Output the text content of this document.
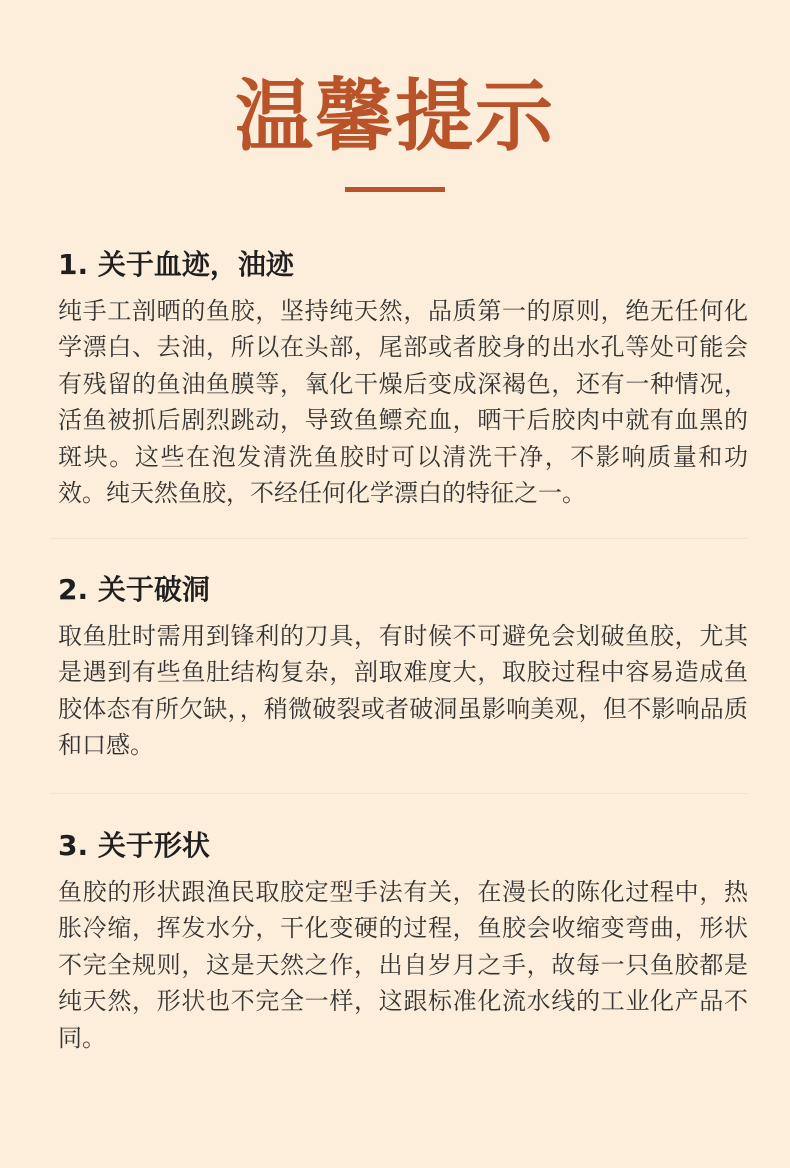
温馨提示
1. 关于血迹，油迹

纯手工剖晒的鱼胶，坚持纯天然，品质第一的原则，绝无任何化学漂白、去油，所以在头部，尾部或者胶身的出水孔等处可能会有残留的鱼油鱼膜等，氧化干燥后变成深褐色，还有一种情况，活鱼被抓后剧烈跳动，导致鱼鳔充血，晒干后胶肉中就有血黑的斑块。这些在泡发清洗鱼胶时可以清洗干净，不影响质量和功效。纯天然鱼胶，不经任何化学漂白的特征之一。

2. 关于破洞

取鱼肚时需用到锋利的刀具，有时候不可避免会划破鱼胶，尤其是遇到有些鱼肚结构复杂，剖取难度大，取胶过程中容易造成鱼胶体态有所欠缺，，稍微破裂或者破洞虽影响美观，但不影响品质和口感。

3. 关于形状

鱼胶的形状跟渔民取胶定型手法有关，在漫长的陈化过程中，热胀冷缩，挥发水分，干化变硬的过程，鱼胶会收缩变弯曲，形状不完全规则，这是天然之作，出自岁月之手，故每一只鱼胶都是纯天然，形状也不完全一样，这跟标准化流水线的工业化产品不同。
